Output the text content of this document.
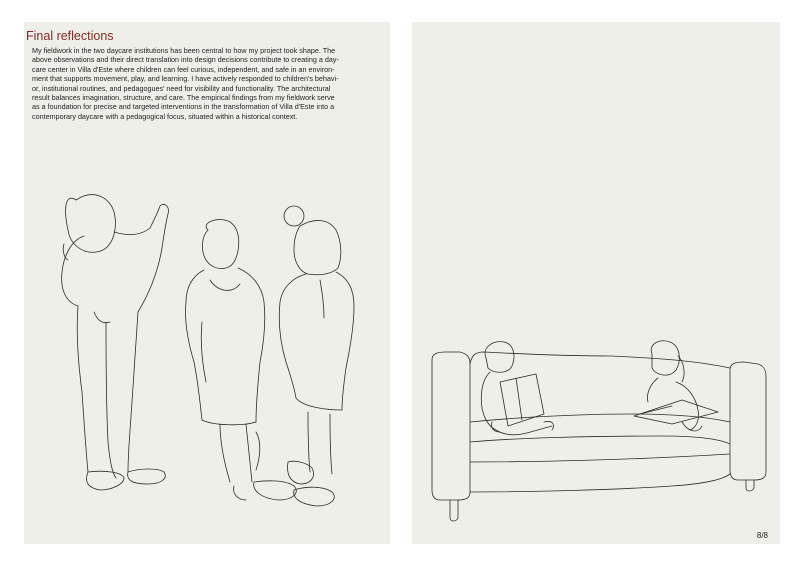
Final reflections
My fieldwork in the two daycare institutions has been central to how my project took shape. The
above observations and their direct translation into design decisions contribute to creating a day-
care center in Villa d'Este where children can feel curious, independent, and safe in an environ-
ment that supports movement, play, and learning. I have actively responded to children's behavi-
or, institutional routines, and pedagogues' need for visibility and functionality. The architectural
result balances imagination, structure, and care. The empirical findings from my fieldwork serve
as a foundation for precise and targeted interventions in the transformation of Villa d'Este into a
contemporary daycare with a pedagogical focus, situated within a historical context.
8/8
